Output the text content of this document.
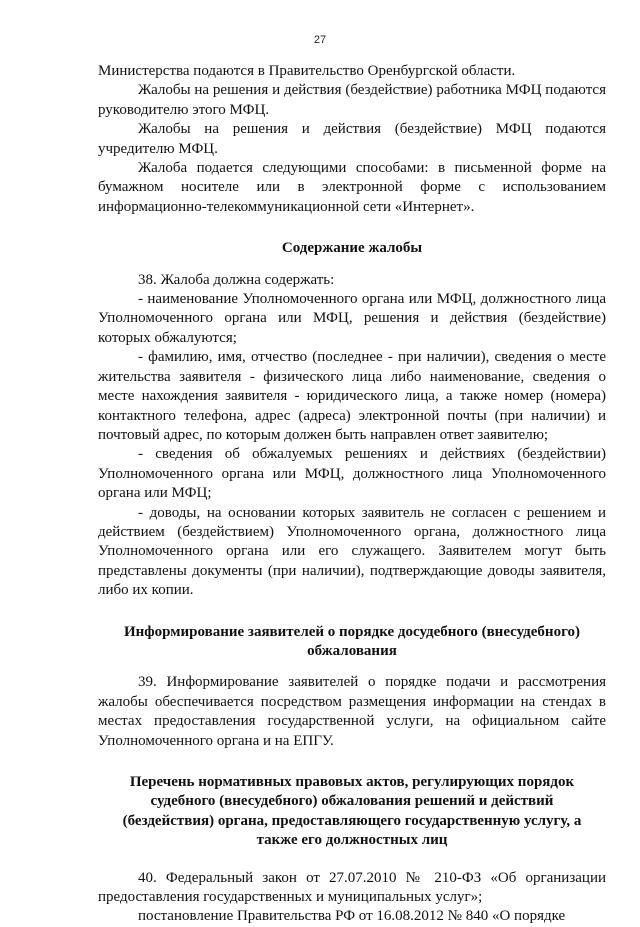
27

Министерства подаются в Правительство Оренбургской области.

Жалобы на решения и действия (бездействие) работника МФЦ подаются руководителю этого МФЦ.

Жалобы на решения и действия (бездействие) МФЦ подаются учредителю МФЦ.

Жалоба подается следующими способами: в письменной форме на бумажном носителе или в электронной форме с использованием информационно-телекоммуникационной сети «Интернет».

Содержание жалобы

38. Жалоба должна содержать:

- наименование Уполномоченного органа или МФЦ, должностного лица Уполномоченного органа или МФЦ, решения и действия (бездействие) которых обжалуются;

- фамилию, имя, отчество (последнее - при наличии), сведения о месте жительства заявителя - физического лица либо наименование, сведения о месте нахождения заявителя - юридического лица, а также номер (номера) контактного телефона, адрес (адреса) электронной почты (при наличии) и почтовый адрес, по которым должен быть направлен ответ заявителю;

- сведения об обжалуемых решениях и действиях (бездействии) Уполномоченного органа или МФЦ, должностного лица Уполномоченного органа или МФЦ;

- доводы, на основании которых заявитель не согласен с решением и действием (бездействием) Уполномоченного органа, должностного лица Уполномоченного органа или его служащего. Заявителем могут быть представлены документы (при наличии), подтверждающие доводы заявителя, либо их копии.

Информирование заявителей о порядке досудебного (внесудебного) обжалования

39. Информирование заявителей о порядке подачи и рассмотрения жалобы обеспечивается посредством размещения информации на стендах в местах предоставления государственной услуги, на официальном сайте Уполномоченного органа и на ЕПГУ.

Перечень нормативных правовых актов, регулирующих порядок судебного (внесудебного) обжалования решений и действий (бездействия) органа, предоставляющего государственную услугу, а также его должностных лиц

40. Федеральный закон от 27.07.2010 № 210-ФЗ «Об организации предоставления государственных и муниципальных услуг»;

постановление Правительства РФ от 16.08.2012 № 840 «О порядке
